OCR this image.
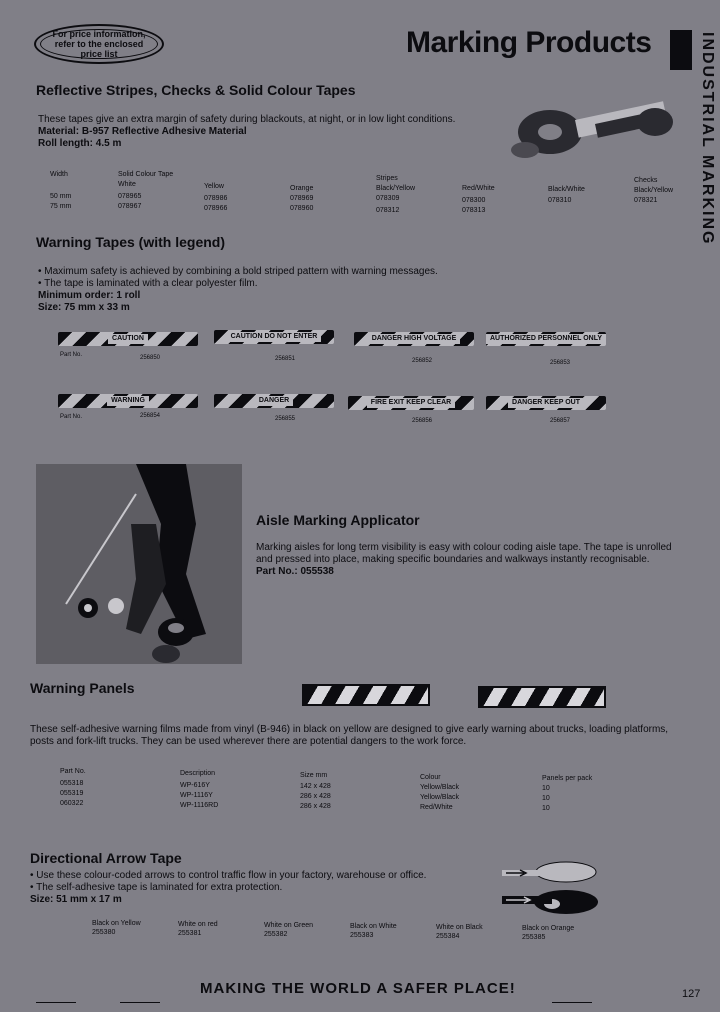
For price information, refer to the enclosed price list	Marking Products	INDUSTRIAL MARKING
Reflective Stripes, Checks & Solid Colour Tapes

These tapes give an extra margin of safety during blackouts, at night, or in low light conditions.

Material: B-957 Reflective Adhesive Material

Roll length: 4.5 m

Solid Colour Tape
Stripes	Checks
Width
White	Yellow	Orange	Black/Yellow	Red/White	Black/White	Black/Yellow
50 mm	078965	078986	078969	078309	078300	078310	078321
75 mm	078967	078966	078960	078312	078313
Warning Tapes (with legend)

• Maximum safety is achieved by combining a bold striped pattern with warning messages.

• The tape is laminated with a clear polyester film.

Minimum order: 1 roll

Size: 75 mm x 33 m

CAUTION
Part No.	256850
CAUTION DO NOT ENTER
256851
DANGER HIGH VOLTAGE
256852
AUTHORIZED PERSONNEL ONLY
256853
WARNING
Part No.	256854
DANGER
256855
FIRE EXIT KEEP CLEAR
256856
DANGER KEEP OUT
256857
Aisle Marking Applicator

Marking aisles for long term visibility is easy with colour coding aisle tape. The tape is unrolled and pressed into place, making specific boundaries and walkways instantly recognisable.

Part No.: 055538

Warning Panels

These self-adhesive warning films made from vinyl (B-946) in black on yellow are designed to give early warning about trucks, loading platforms, posts and fork-lift trucks. They can be used wherever there are potential dangers to the work force.

Part No.	Description	Size mm	Colour	Panels per pack
055318	WP-616Y	142 x 428	Yellow/Black	10
055319	WP-1116Y	286 x 428	Yellow/Black	10
060322	WP-1116RD	286 x 428	Red/White	10
Directional Arrow Tape

• Use these colour-coded arrows to control traffic flow in your factory, warehouse or office.

• The self-adhesive tape is laminated for extra protection.

Size: 51 mm x 17 m

Black on Yellow
255380
White on red
255381
White on Green
255382
Black on White
255383
White on Black
255384
Black on Orange
255385
MAKING THE WORLD A SAFER PLACE!	127
